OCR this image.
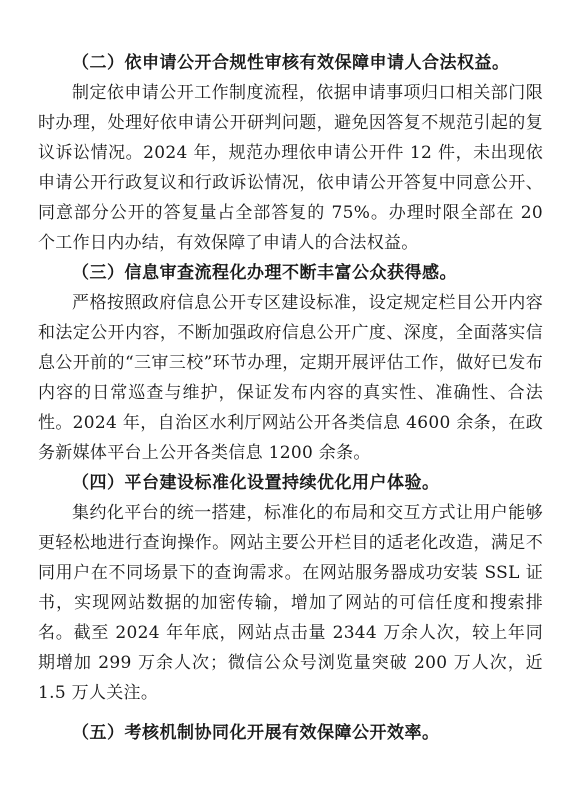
（二）依申请公开合规性审核有效保障申请人合法权益。

制定依申请公开工作制度流程，依据申请事项归口相关部门限时办理，处理好依申请公开研判问题，避免因答复不规范引起的复议诉讼情况。2024 年，规范办理依申请公开件 12 件，未出现依申请公开行政复议和行政诉讼情况，依申请公开答复中同意公开、同意部分公开的答复量占全部答复的 75%。办理时限全部在 20 个工作日内办结，有效保障了申请人的合法权益。

（三）信息审查流程化办理不断丰富公众获得感。

严格按照政府信息公开专区建设标准，设定规定栏目公开内容和法定公开内容，不断加强政府信息公开广度、深度，全面落实信息公开前的“三审三校”环节办理，定期开展评估工作，做好已发布内容的日常巡查与维护，保证发布内容的真实性、准确性、合法性。2024 年，自治区水利厅网站公开各类信息 4600 余条，在政务新媒体平台上公开各类信息 1200 余条。

（四）平台建设标准化设置持续优化用户体验。

集约化平台的统一搭建，标准化的布局和交互方式让用户能够更轻松地进行查询操作。网站主要公开栏目的适老化改造，满足不同用户在不同场景下的查询需求。在网站服务器成功安装 SSL 证书，实现网站数据的加密传输，增加了网站的可信任度和搜索排名。截至 2024 年年底，网站点击量 2344 万余人次，较上年同期增加 299 万余人次；微信公众号浏览量突破 200 万人次，近 1.5 万人关注。

（五）考核机制协同化开展有效保障公开效率。
